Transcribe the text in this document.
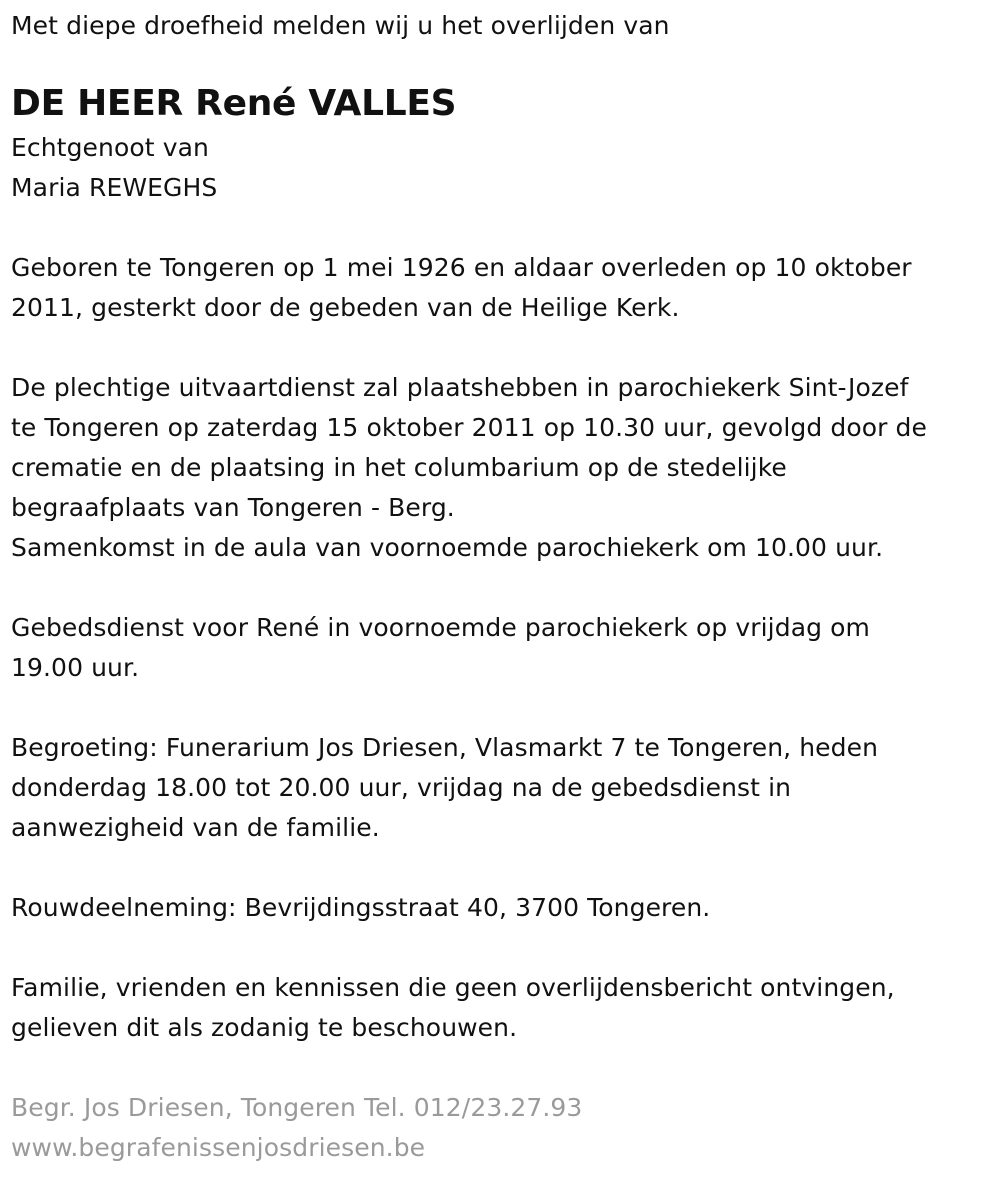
Met diepe droefheid melden wij u het overlijden van
DE HEER René VALLES
Echtgenoot van
Maria REWEGHS
Geboren te Tongeren op 1 mei 1926 en aldaar overleden op 10 oktober
2011, gesterkt door de gebeden van de Heilige Kerk.
De plechtige uitvaartdienst zal plaatshebben in parochiekerk Sint-Jozef
te Tongeren op zaterdag 15 oktober 2011 op 10.30 uur, gevolgd door de
crematie en de plaatsing in het columbarium op de stedelijke
begraafplaats van Tongeren - Berg.
Samenkomst in de aula van voornoemde parochiekerk om 10.00 uur.
Gebedsdienst voor René in voornoemde parochiekerk op vrijdag om
19.00 uur.
Begroeting: Funerarium Jos Driesen, Vlasmarkt 7 te Tongeren, heden
donderdag 18.00 tot 20.00 uur, vrijdag na de gebedsdienst in
aanwezigheid van de familie.
Rouwdeelneming: Bevrijdingsstraat 40, 3700 Tongeren.
Familie, vrienden en kennissen die geen overlijdensbericht ontvingen,
gelieven dit als zodanig te beschouwen.
Begr. Jos Driesen, Tongeren Tel. 012/23.27.93
www.begrafenissenjosdriesen.be
